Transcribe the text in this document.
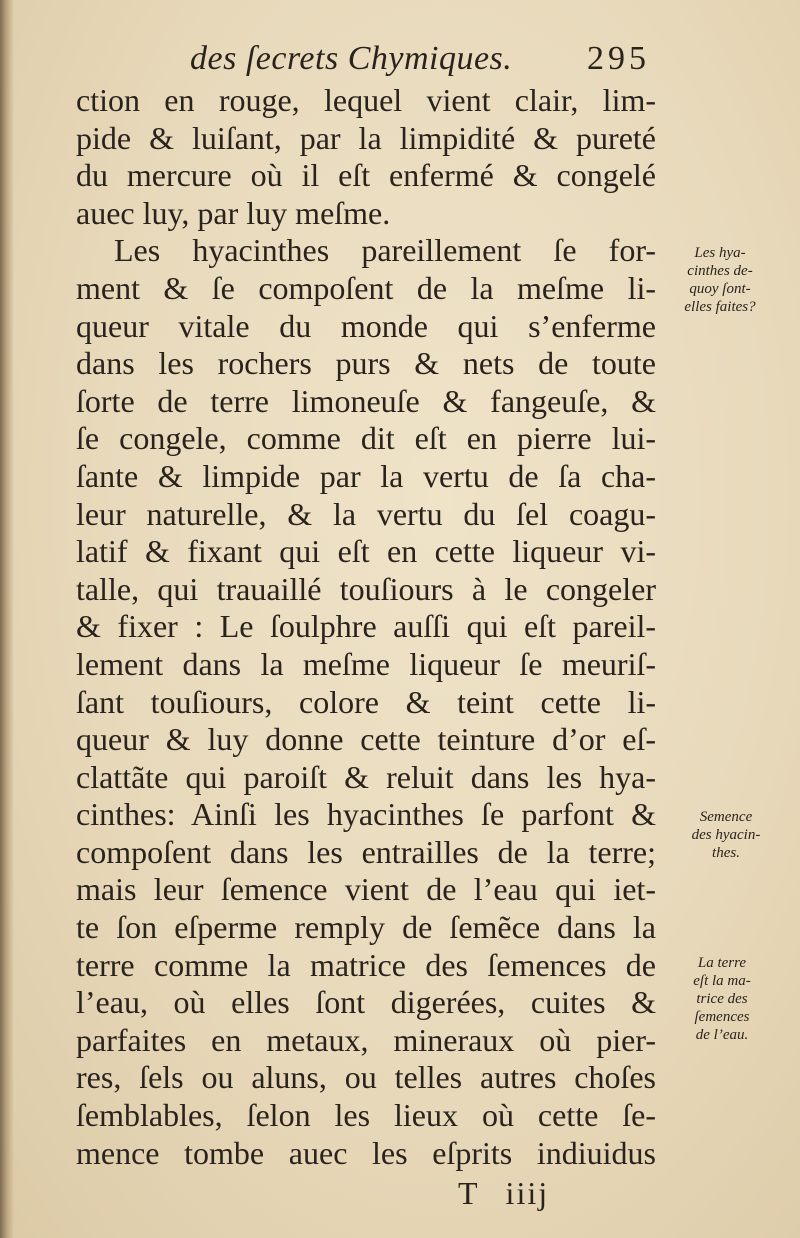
des ſecrets Chymiques. 295
ction en rouge, lequel vient clair, lim-
pide & luiſant, par la limpidité & pureté
du mercure où il eſt enfermé & congelé
auec luy, par luy meſme.
Les hyacinthes pareillement ſe for-
ment & ſe compoſent de la meſme li-
queur vitale du monde qui s’enferme
dans les rochers purs & nets de toute
ſorte de terre limoneuſe & fangeuſe, &
ſe congele, comme dit eſt en pierre lui-
ſante & limpide par la vertu de ſa cha-
leur naturelle, & la vertu du ſel coagu-
latif & fixant qui eſt en cette liqueur vi-
talle, qui trauaillé touſiours à le congeler
& fixer : Le ſoulphre auſſi qui eſt pareil-
lement dans la meſme liqueur ſe meuriſ-
ſant touſiours, colore & teint cette li-
queur & luy donne cette teinture d’or eſ-
clattãte qui paroiſt & reluit dans les hya-
cinthes: Ainſi les hyacinthes ſe parfont &
compoſent dans les entrailles de la terre;
mais leur ſemence vient de l’eau qui iet-
te ſon eſperme remply de ſemẽce dans la
terre comme la matrice des ſemences de
l’eau, où elles ſont digerées, cuites &
parfaites en metaux, mineraux où pier-
res, ſels ou aluns, ou telles autres choſes
ſemblables, ſelon les lieux où cette ſe-
mence tombe auec les eſprits indiuidus
Les hya-
cinthes de-
quoy ſont-
elles faites?
Semence
des hyacin-
thes.
La terre
eſt la ma-
trice des
ſemences
de l’eau.
T iiij
